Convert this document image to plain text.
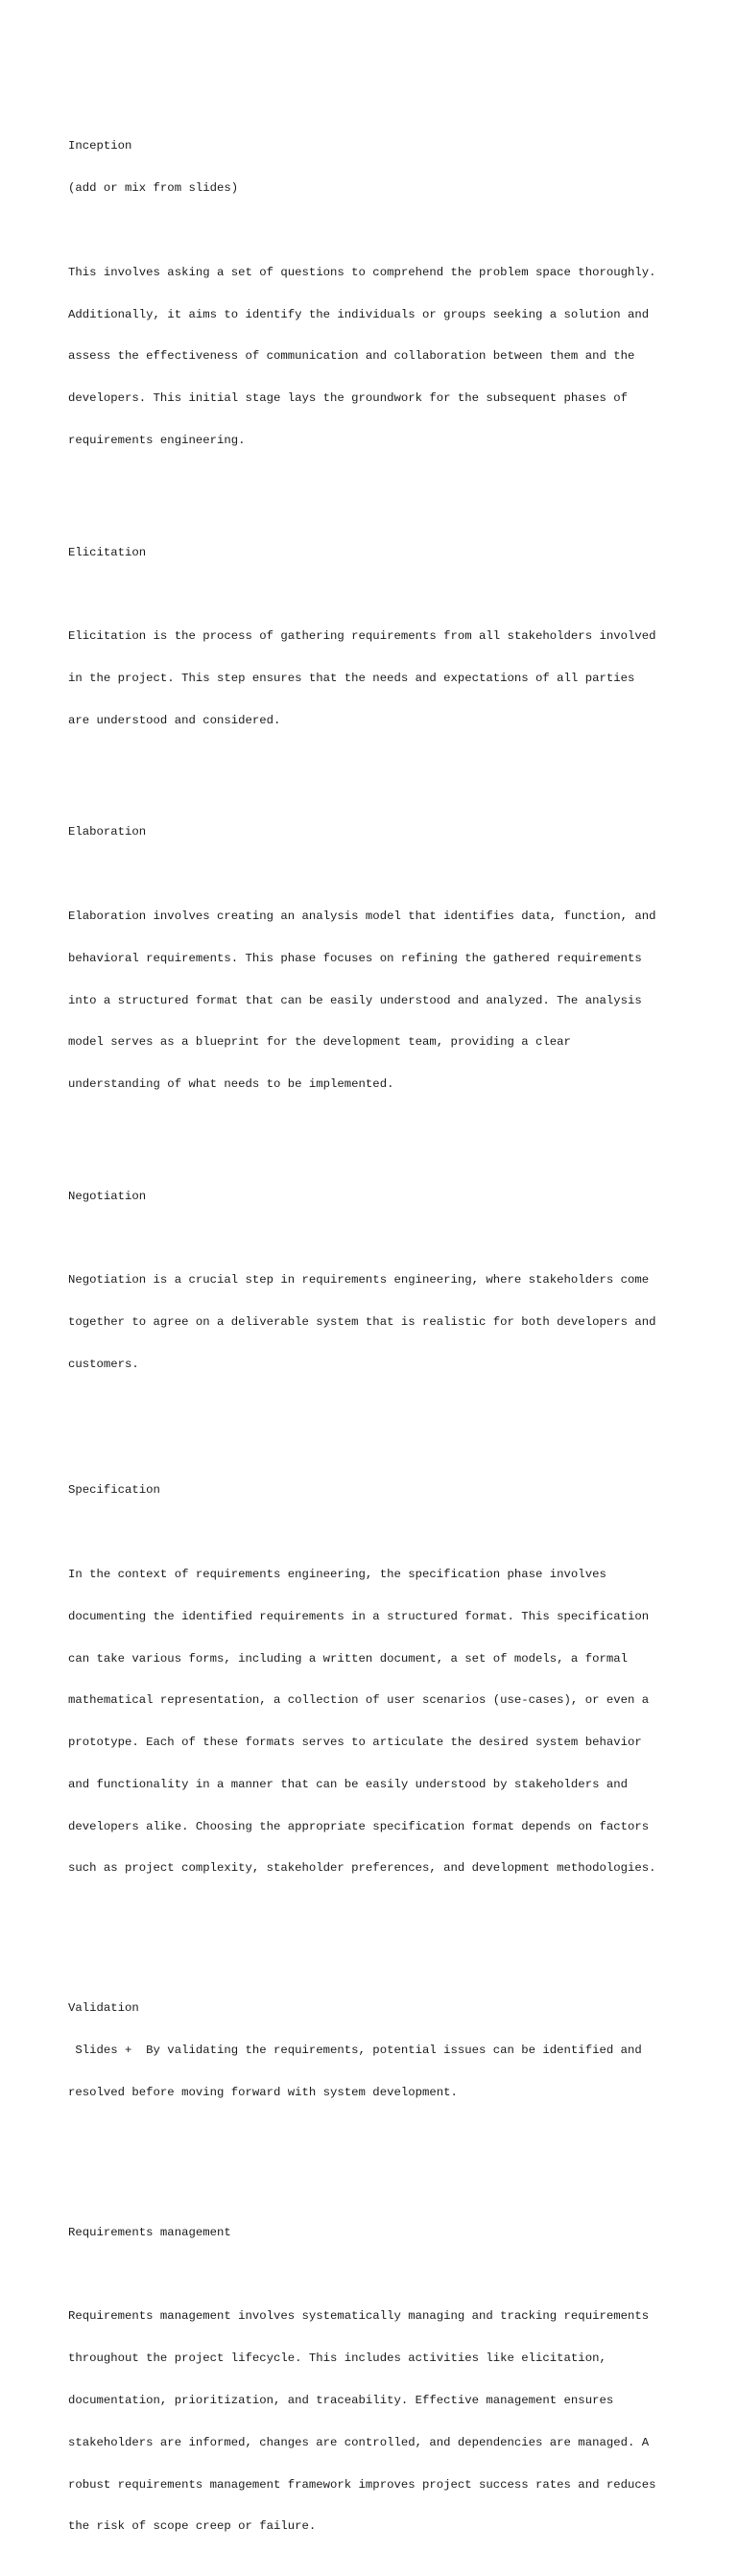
Inception

(add or mix from slides)

This involves asking a set of questions to comprehend the problem space thoroughly.

Additionally, it aims to identify the individuals or groups seeking a solution and

assess the effectiveness of communication and collaboration between them and the

developers. This initial stage lays the groundwork for the subsequent phases of

requirements engineering.

Elicitation

Elicitation is the process of gathering requirements from all stakeholders involved

in the project. This step ensures that the needs and expectations of all parties

are understood and considered.

Elaboration

Elaboration involves creating an analysis model that identifies data, function, and

behavioral requirements. This phase focuses on refining the gathered requirements

into a structured format that can be easily understood and analyzed. The analysis

model serves as a blueprint for the development team, providing a clear

understanding of what needs to be implemented.

Negotiation

Negotiation is a crucial step in requirements engineering, where stakeholders come

together to agree on a deliverable system that is realistic for both developers and

customers.

Specification

In the context of requirements engineering, the specification phase involves

documenting the identified requirements in a structured format. This specification

can take various forms, including a written document, a set of models, a formal

mathematical representation, a collection of user scenarios (use-cases), or even a

prototype. Each of these formats serves to articulate the desired system behavior

and functionality in a manner that can be easily understood by stakeholders and

developers alike. Choosing the appropriate specification format depends on factors

such as project complexity, stakeholder preferences, and development methodologies.

Validation

Slides +  By validating the requirements, potential issues can be identified and

resolved before moving forward with system development.

Requirements management

Requirements management involves systematically managing and tracking requirements

throughout the project lifecycle. This includes activities like elicitation,

documentation, prioritization, and traceability. Effective management ensures

stakeholders are informed, changes are controlled, and dependencies are managed. A

robust requirements management framework improves project success rates and reduces

the risk of scope creep or failure.
